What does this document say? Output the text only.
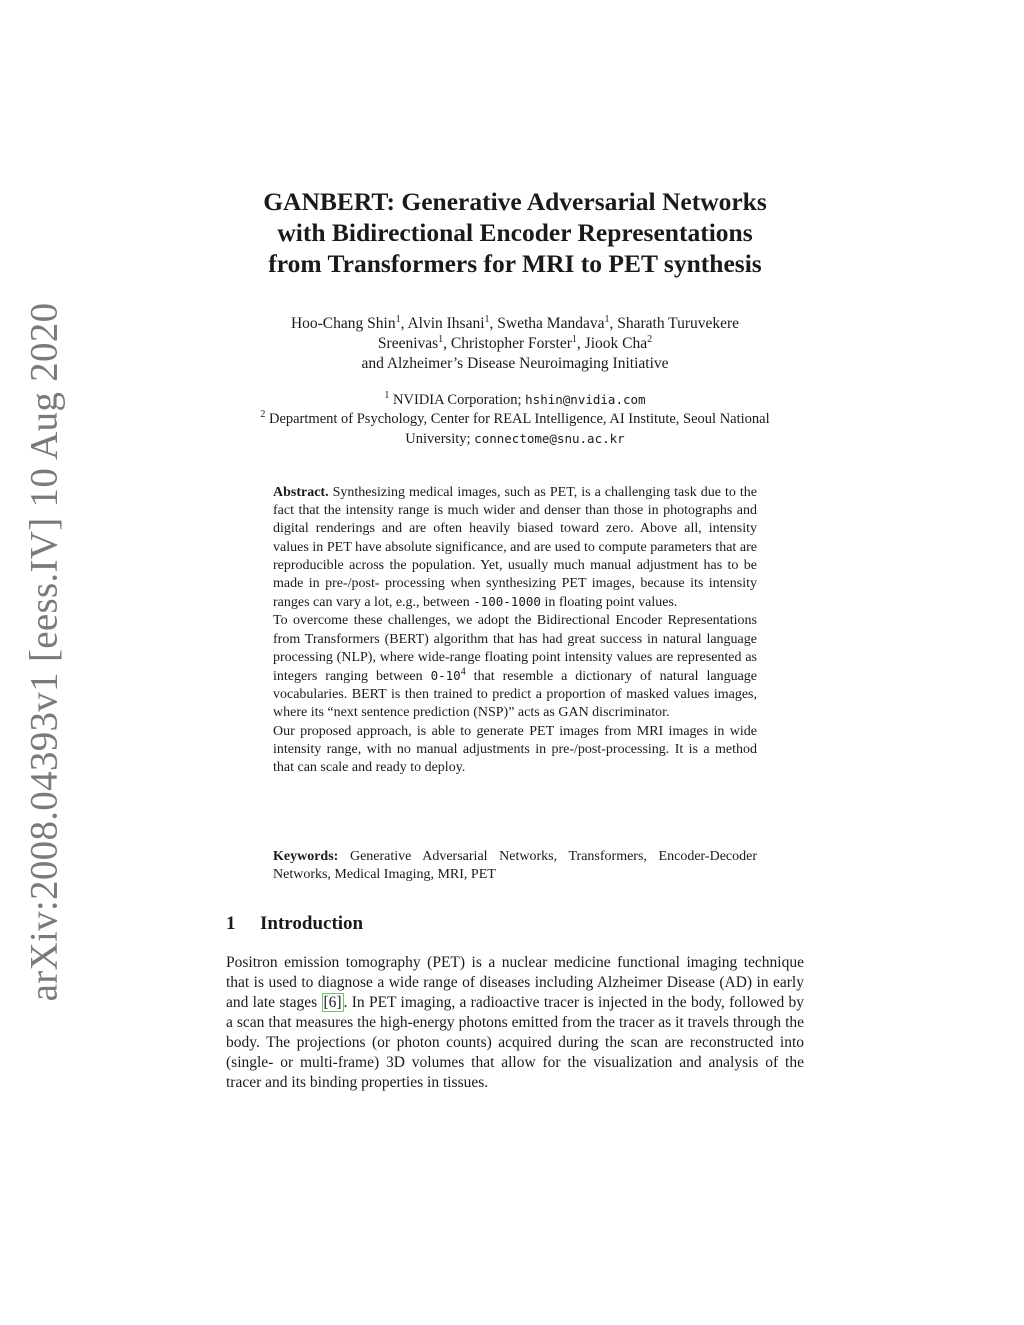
arXiv:2008.04393v1 [eess.IV] 10 Aug 2020
GANBERT: Generative Adversarial Networks
with Bidirectional Encoder Representations
from Transformers for MRI to PET synthesis
Hoo-Chang Shin$^1$, Alvin Ihsani$^1$, Swetha Mandava$^1$, Sharath Turuvekere
Sreenivas$^1$, Christopher Forster$^1$, Jiook Cha$^2$
and Alzheimer’s Disease Neuroimaging Initiative
$^1$ NVIDIA Corporation; hshin@nvidia.com
$^2$ Department of Psychology, Center for REAL Intelligence, AI Institute, Seoul National University; connectome@snu.ac.kr

Abstract. Synthesizing medical images, such as PET, is a challenging task due to the fact that the intensity range is much wider and denser than those in photographs and digital renderings and are often heavily biased toward zero. Above all, intensity values in PET have absolute significance, and are used to compute parameters that are reproducible across the population. Yet, usually much manual adjustment has to be made in pre-/post- processing when synthesizing PET images, because its intensity ranges can vary a lot, e.g., between -100-1000 in floating point values.

To overcome these challenges, we adopt the Bidirectional Encoder Representations from Transformers (BERT) algorithm that has had great success in natural language processing (NLP), where wide-range floating point intensity values are represented as integers ranging between $0-10^4$ that resemble a dictionary of natural language vocabularies. BERT is then trained to predict a proportion of masked values images, where its “next sentence prediction (NSP)” acts as GAN discriminator.

Our proposed approach, is able to generate PET images from MRI images in wide intensity range, with no manual adjustments in pre-/post-processing. It is a method that can scale and ready to deploy.

Keywords: Generative Adversarial Networks, Transformers, Encoder-Decoder Networks, Medical Imaging, MRI, PET
1 Introduction

Positron emission tomography (PET) is a nuclear medicine functional imaging technique that is used to diagnose a wide range of diseases including Alzheimer Disease (AD) in early and late stages [6] . In PET imaging, a radioactive tracer is injected in the body, followed by a scan that measures the high-energy photons emitted from the tracer as it travels through the body. The projections (or photon counts) acquired during the scan are reconstructed into (single- or multi-frame) 3D volumes that allow for the visualization and analysis of the tracer and its binding properties in tissues.
